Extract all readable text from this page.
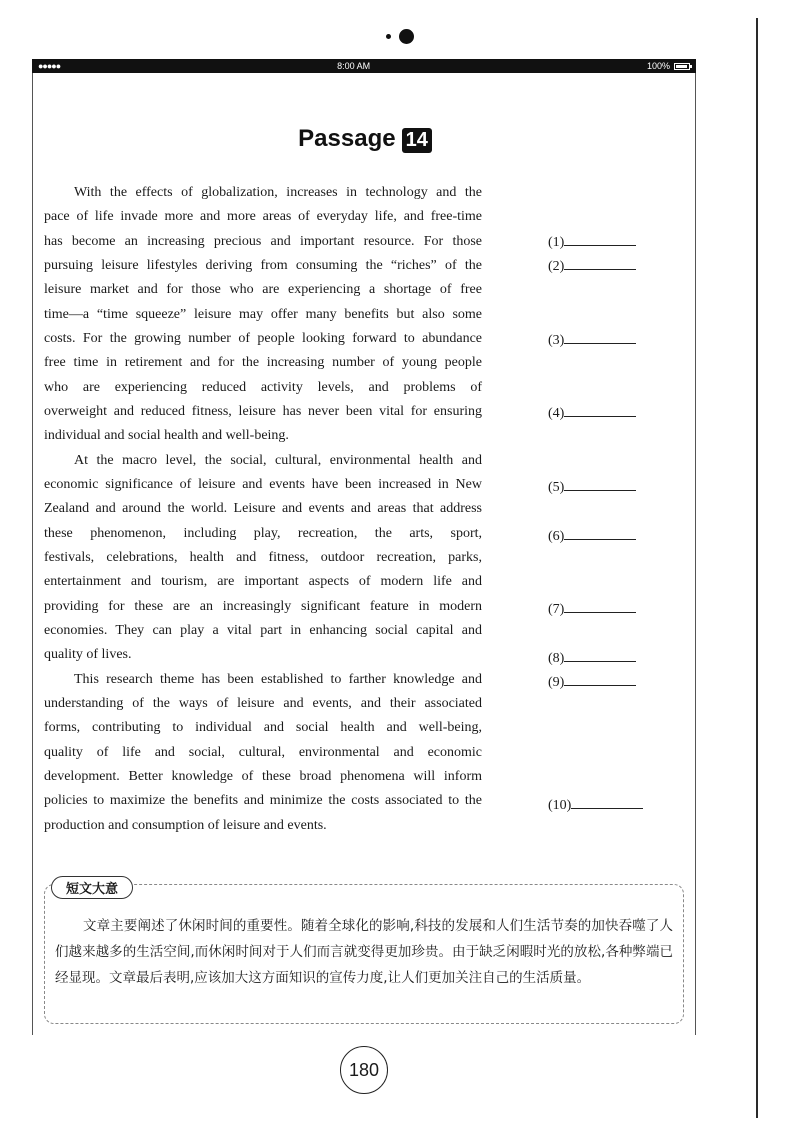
●●●●●	8:00 AM	100%
Passage 14
With the effects of globalization, increases in technology and the
pace of life invade more and more areas of everyday life, and free-time
has become an increasing precious and important resource. For those
pursuing leisure lifestyles deriving from consuming the “riches” of the
leisure market and for those who are experiencing a shortage of free
time—a “time squeeze” leisure may offer many benefits but also some
costs. For the growing number of people looking forward to abundance
free time in retirement and for the increasing number of young people
who are experiencing reduced activity levels, and problems of
overweight and reduced fitness, leisure has never been vital for ensuring
individual and social health and well-being.
At the macro level, the social, cultural, environmental health and
economic significance of leisure and events have been increased in New
Zealand and around the world. Leisure and events and areas that address
these phenomenon, including play, recreation, the arts, sport,
festivals, celebrations, health and fitness, outdoor recreation, parks,
entertainment and tourism, are important aspects of modern life and
providing for these are an increasingly significant feature in modern
economies. They can play a vital part in enhancing social capital and
quality of lives.
This research theme has been established to farther knowledge and
understanding of the ways of leisure and events, and their associated
forms, contributing to individual and social health and well-being,
quality of life and social, cultural, environmental and economic
development. Better knowledge of these broad phenomena will inform
policies to maximize the benefits and minimize the costs associated to the
production and consumption of leisure and events.
(1)
(2)
(3)
(4)
(5)
(6)
(7)
(8)
(9)
(10)
短文大意
文章主要阐述了休闲时间的重要性。随着全球化的影响,科技的发展和人们生活节奏的加快吞噬了人们越来越多的生活空间,而休闲时间对于人们而言就变得更加珍贵。由于缺乏闲暇时光的放松,各种弊端已经显现。文章最后表明,应该加大这方面知识的宣传力度,让人们更加关注自己的生活质量。
180
